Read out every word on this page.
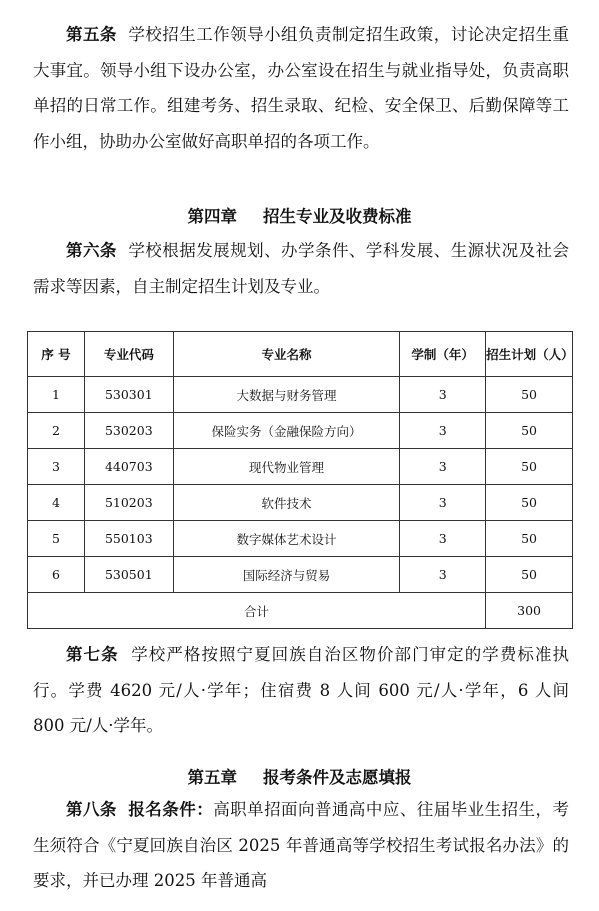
第五条 学校招生工作领导小组负责制定招生政策，讨论决定招生重大事宜。领导小组下设办公室，办公室设在招生与就业指导处，负责高职单招的日常工作。组建考务、招生录取、纪检、安全保卫、后勤保障等工作小组，协助办公室做好高职单招的各项工作。

第四章 招生专业及收费标准

第六条 学校根据发展规划、办学条件、学科发展、生源状况及社会需求等因素，自主制定招生计划及专业。

序 号	专业代码	专业名称	学制（年）	招生计划（人）
1	530301	大数据与财务管理	3	50
2	530203	保险实务（金融保险方向）	3	50
3	440703	现代物业管理	3	50
4	510203	软件技术	3	50
5	550103	数字媒体艺术设计	3	50
6	530501	国际经济与贸易	3	50
合计				300

第七条 学校严格按照宁夏回族自治区物价部门审定的学费标准执行。学费 4620 元/人·学年；住宿费 8 人间 600 元/人·学年，6 人间 800 元/人·学年。

第五章 报考条件及志愿填报

第八条 报名条件：高职单招面向普通高中应、往届毕业生招生，考生须符合《宁夏回族自治区 2025 年普通高等学校招生考试报名办法》的要求，并已办理 2025 年普通高
